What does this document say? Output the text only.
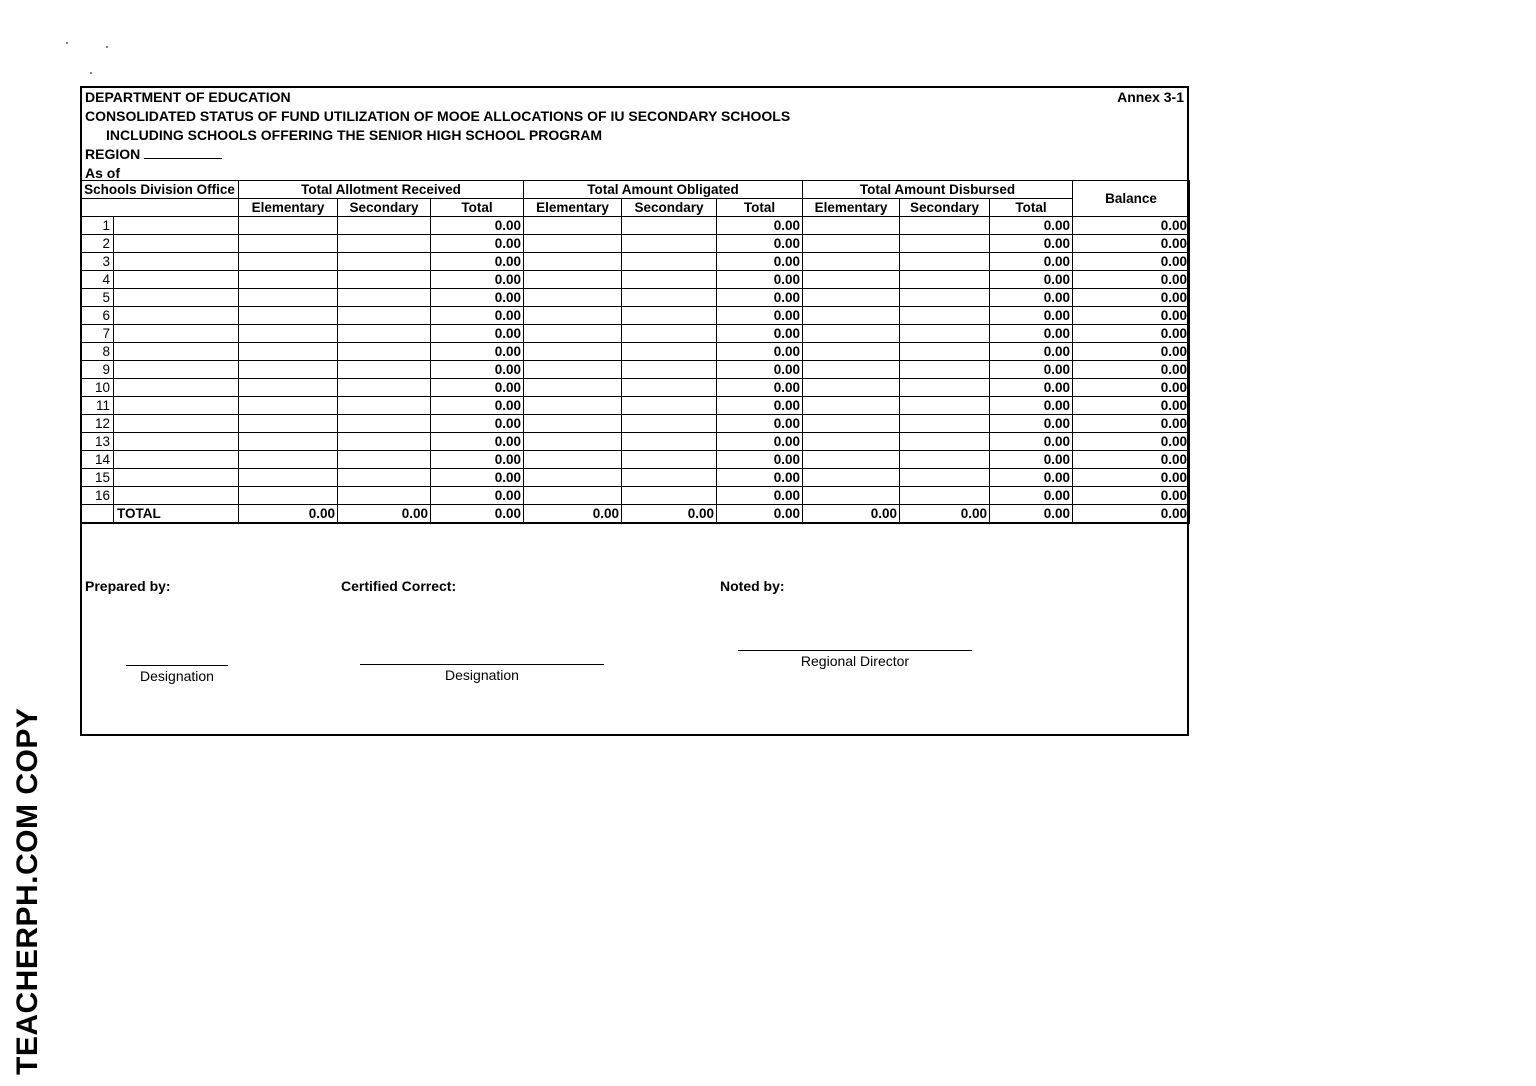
DEPARTMENT OF EDUCATION	Annex 3-1
CONSOLIDATED STATUS OF FUND UTILIZATION OF MOOE ALLOCATIONS OF IU SECONDARY SCHOOLS
INCLUDING SCHOOLS OFFERING THE SENIOR HIGH SCHOOL PROGRAM
REGION
As of
Schools Division Office		Total Allotment Received			Total Amount Obligated			Total Amount Disbursed			Balance
		Elementary	Secondary	Total	Elementary	Secondary	Total	Elementary	Secondary	Total	
1				0.00			0.00			0.00	0.00
2				0.00			0.00			0.00	0.00
3				0.00			0.00			0.00	0.00
4				0.00			0.00			0.00	0.00
5				0.00			0.00			0.00	0.00
6				0.00			0.00			0.00	0.00
7				0.00			0.00			0.00	0.00
8				0.00			0.00			0.00	0.00
9				0.00			0.00			0.00	0.00
10				0.00			0.00			0.00	0.00
11				0.00			0.00			0.00	0.00
12				0.00			0.00			0.00	0.00
13				0.00			0.00			0.00	0.00
14				0.00			0.00			0.00	0.00
15				0.00			0.00			0.00	0.00
16				0.00			0.00			0.00	0.00
	TOTAL	0.00	0.00	0.00	0.00	0.00	0.00	0.00	0.00	0.00	0.00
Prepared by:	Certified Correct:	Noted by:
Designation	Designation
Regional Director
TEACHERPH.COM COPY
